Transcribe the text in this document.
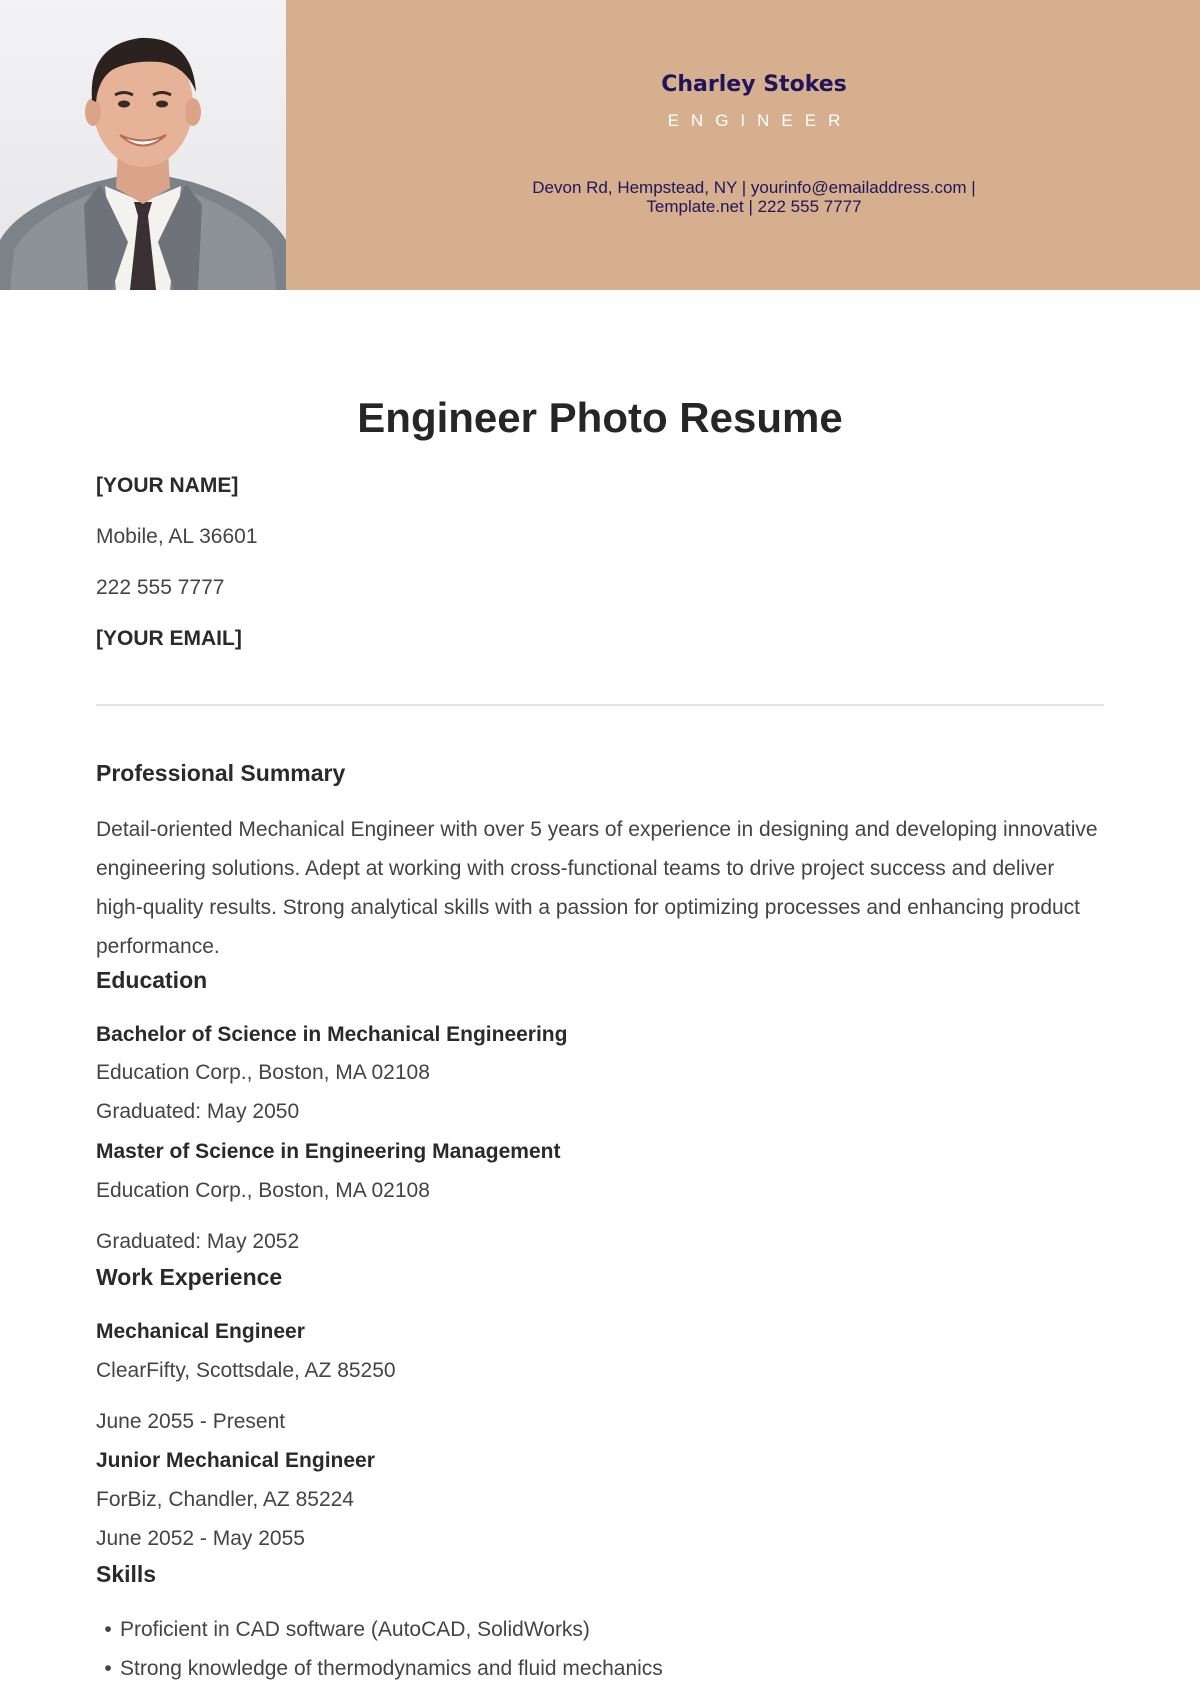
Charley Stokes
ENGINEER
Devon Rd, Hempstead, NY | yourinfo@emailaddress.com |
Template.net | 222 555 7777
Engineer Photo Resume
[YOUR NAME]
Mobile, AL 36601
222 555 7777
[YOUR EMAIL]
Professional Summary

Detail-oriented Mechanical Engineer with over 5 years of experience in designing and developing innovative engineering solutions. Adept at working with cross-functional teams to drive project success and deliver high-quality results. Strong analytical skills with a passion for optimizing processes and enhancing product performance.

Education
Bachelor of Science in Mechanical Engineering
Education Corp., Boston, MA 02108
Graduated: May 2050
Master of Science in Engineering Management
Education Corp., Boston, MA 02108
Graduated: May 2052
Work Experience
Mechanical Engineer
ClearFifty, Scottsdale, AZ 85250
June 2055 - Present
Junior Mechanical Engineer
ForBiz, Chandler, AZ 85224
June 2052 - May 2055
Skills
• Proficient in CAD software (AutoCAD, SolidWorks)
• Strong knowledge of thermodynamics and fluid mechanics
